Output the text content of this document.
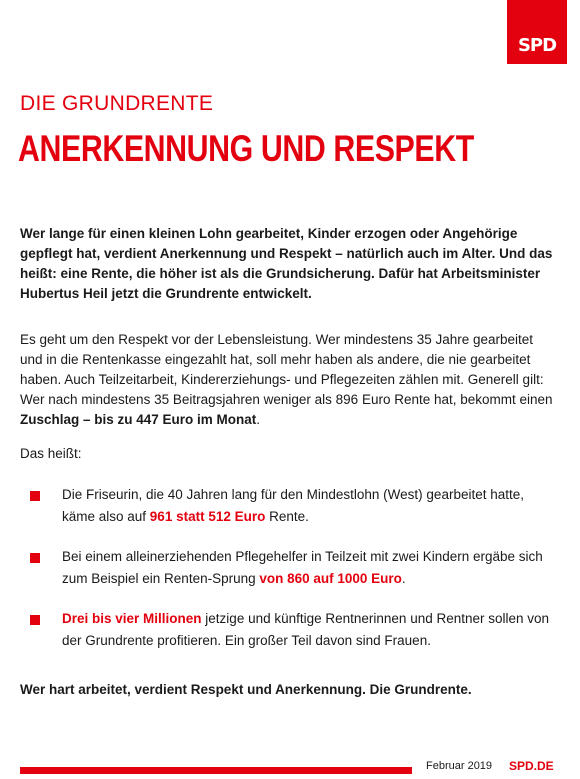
SPD
DIE GRUNDRENTE
ANERKENNUNG UND RESPEKT

Wer lange für einen kleinen Lohn gearbeitet, Kinder erzogen oder Angehörige gepflegt hat, verdient Anerkennung und Respekt – natürlich auch im Alter. Und das heißt: eine Rente, die höher ist als die Grundsicherung. Dafür hat Arbeitsminister Hubertus Heil jetzt die Grundrente entwickelt.

Es geht um den Respekt vor der Lebensleistung. Wer mindestens 35 Jahre gearbeitet und in die Rentenkasse eingezahlt hat, soll mehr haben als andere, die nie gearbeitet haben. Auch Teilzeitarbeit, Kindererziehungs- und Pflegezeiten zählen mit. Generell gilt: Wer nach mindestens 35 Beitragsjahren weniger als 896 Euro Rente hat, bekommt einen Zuschlag – bis zu 447 Euro im Monat.

Das heißt:

Die Friseurin, die 40 Jahren lang für den Mindestlohn (West) gearbeitet hatte, käme also auf 961 statt 512 Euro Rente.
Bei einem alleinerziehenden Pflegehelfer in Teilzeit mit zwei Kindern ergäbe sich zum Beispiel ein Renten-Sprung von 860 auf 1000 Euro.
Drei bis vier Millionen jetzige und künftige Rentnerinnen und Rentner sollen von der Grundrente profitieren. Ein großer Teil davon sind Frauen.

Wer hart arbeitet, verdient Respekt und Anerkennung. Die Grundrente.

Februar 2019 SPD.DE
